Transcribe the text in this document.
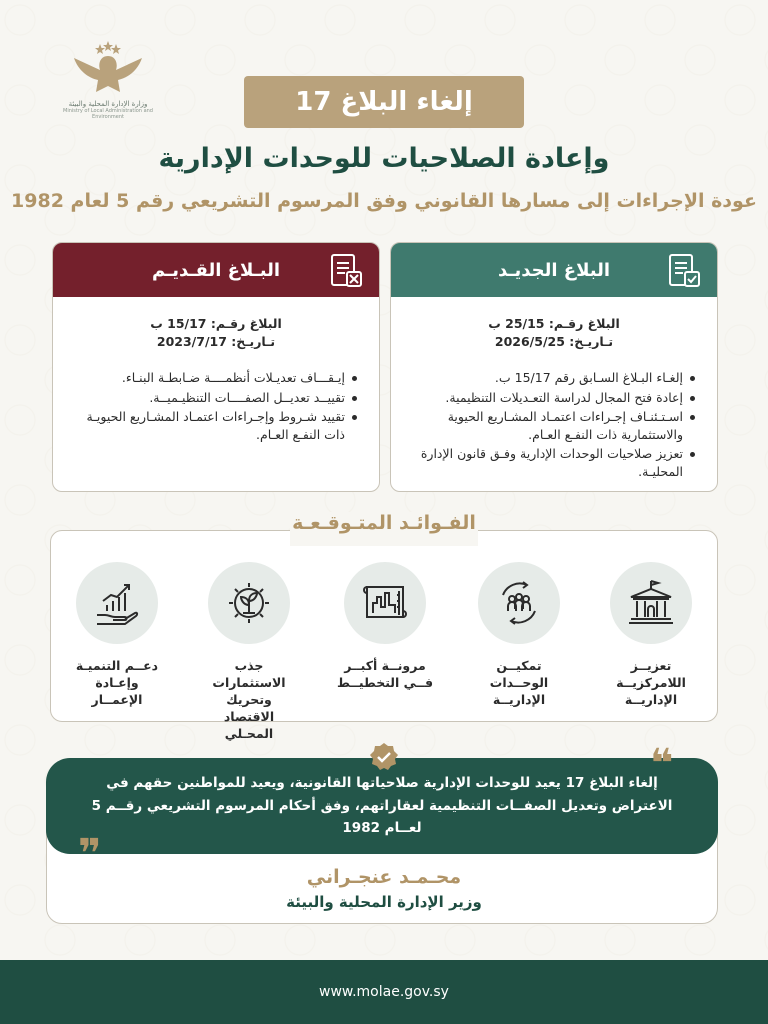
وزارة الإدارة المحلية والبيئة
Ministry of Local Administration and Environment
إلغاء البلاغ 17
وإعادة الصلاحيات للوحدات الإدارية
عودة الإجراءات إلى مسارها القانوني وفق المرسوم التشريعي رقم 5 لعام 1982
البلاغ الجديـد
البلاغ رقـم: 25/15 ب
تـاريـخ: 2026/5/25
إلغـاء البـلاغ السـابق رقم 15/17 ب.
إعادة فتح المجال لدراسة التعـديلات التنظيمية.
اسـتـئنـاف إجـراءات اعتمـاد المشـاريع الحيوية والاستثمارية ذات النفـع العـام.
تعزيز صلاحيات الوحدات الإدارية وفـق قانون الإدارة المحليـة.
البـلاغ القـديـم
البلاغ رقـم: 15/17 ب
تـاريـخ: 2023/7/17
إيـقـــاف تعديـلات أنظمــــة ضـابطـة البنـاء.
تقييــد تعديــل الصفــــات التنظيـميــة.
تقييد شـروط وإجـراءات اعتمـاد المشـاريع الحيويـة ذات النفـع العـام.
الفـوائـد المتـوقـعـة
تعزيــز اللامركزيــة الإداريــة
تمكيــن الوحــدات الإداريــة
مرونــة أكبــر فــي التخطيــط
جذب الاستثمارات وتحريك الاقتصاد المحـلي
دعــم التنميـة وإعـادة الإعمــار
إلغاء البلاغ 17 يعيد للوحدات الإدارية صلاحياتها القانونية، ويعيد للمواطنين حقهم في الاعتراض وتعديل الصفــات التنظيمية لعقاراتهم، وفق أحكام المرسوم التشريعي رقــم 5 لعــام 1982
❝
❞	محـمـد عنجـراني
وزير الإدارة المحلية والبيئة
www.molae.gov.sy
